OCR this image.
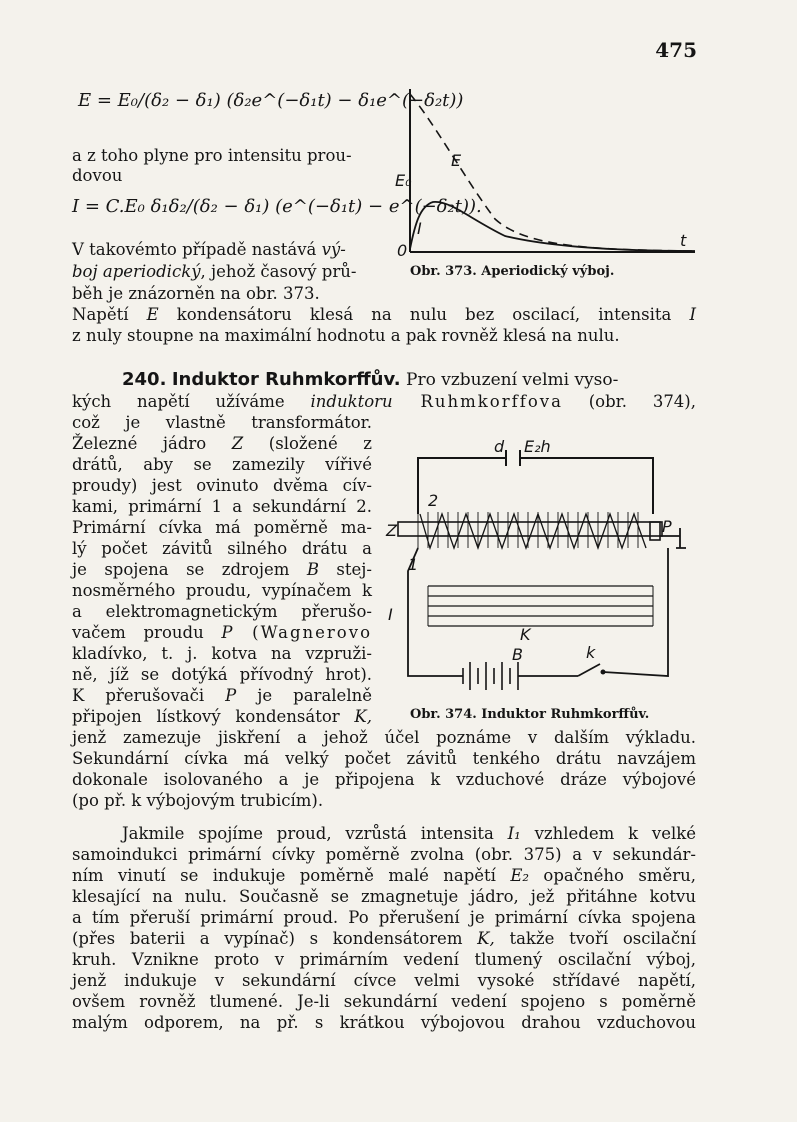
475
E = E₀/(δ₂ − δ₁) (δ₂e^(−δ₁t) − δ₁e^(−δ₂t))
I = C.E₀ δ₁δ₂/(δ₂ − δ₁) (e^(−δ₁t) − e^(−δ₂t)).
a z toho plyne pro intensitu prou-
dovou
V takovémto případě nastává vý-
boj aperiodický, jehož časový prů-
běh je znázorněn na obr. 373.
Napětí E kondensátoru klesá na nulu bez oscilací, intensita I
z nuly stoupne na maximální hodnotu a pak rovněž klesá na nulu.
E
E₀
I
t
0
Obr. 373. Aperiodický výboj.
240. Induktor Ruhmkorffův. Pro vzbuzení velmi vyso-
kých napětí užíváme induktoru Ruhmkorffova (obr. 374),
což je vlastně transformátor.
Železné jádro Z (složené z
drátů, aby se zamezily vířivé
proudy) jest ovinuto dvěma cív-
kami, primární 1 a sekundární 2.
Primární cívka má poměrně ma-
lý počet závitů silného drátu a
je spojena se zdrojem B stej-
nosměrného proudu, vypínačem k
a elektromagnetickým přerušo-
vačem proudu P (Wagnerovo
kladívko, t. j. kotva na vzpruži-
ně, jíž se dotýká přívodný hrot).
K přerušovači P je paralelně
připojen lístkový kondensátor K,
jenž zamezuje jiskření a jehož účel poznáme v dalším výkladu.
Sekundární cívka má velký počet závitů tenkého drátu navzájem
dokonale isolovaného a je připojena k vzduchové dráze výbojové
(po př. k výbojovým trubicím).
d E₂h
2
Z	P
1
I
K
B	k
Obr. 374. Induktor Ruhmkorffův.
Jakmile spojíme proud, vzrůstá intensita I₁ vzhledem k velké
samoindukci primární cívky poměrně zvolna (obr. 375) a v sekundár-
ním vinutí se indukuje poměrně malé napětí E₂ opačného směru,
klesající na nulu. Současně se zmagnetuje jádro, jež přitáhne kotvu
a tím přeruší primární proud. Po přerušení je primární cívka spojena
(přes baterii a vypínač) s kondensátorem K, takže tvoří oscilační
kruh. Vznikne proto v primárním vedení tlumený oscilační výboj,
jenž indukuje v sekundární cívce velmi vysoké střídavé napětí,
ovšem rovněž tlumené. Je-li sekundární vedení spojeno s poměrně
malým odporem, na př. s krátkou výbojovou drahou vzduchovou
